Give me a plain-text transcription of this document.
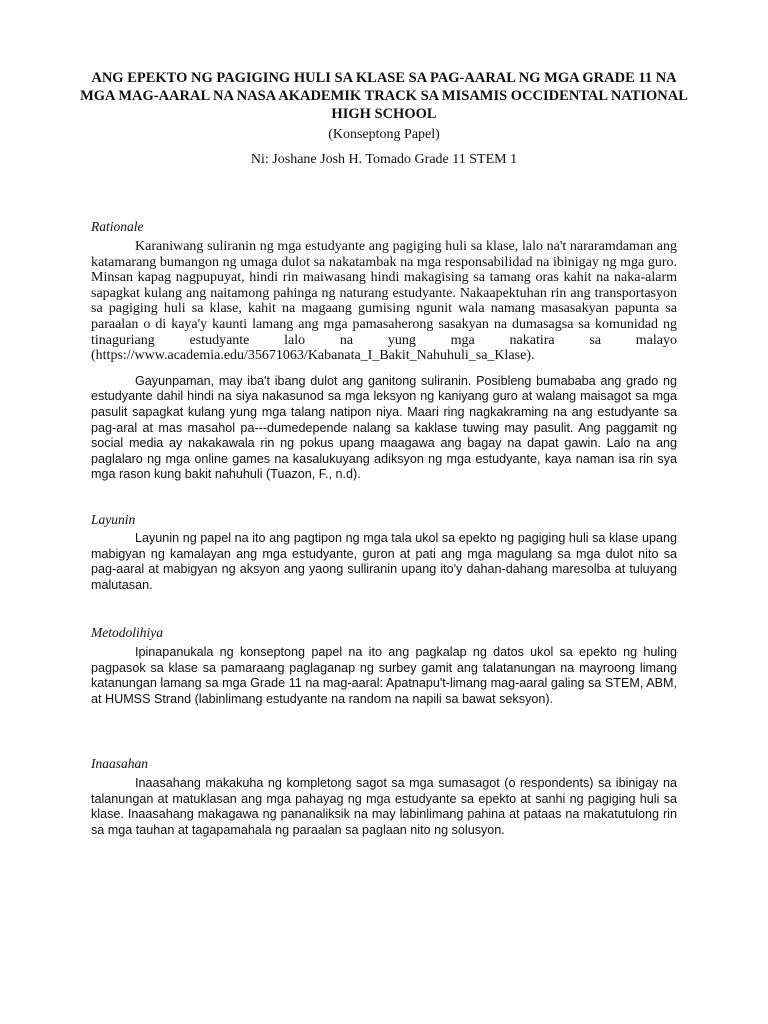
ANG EPEKTO NG PAGIGING HULI SA KLASE SA PAG-AARAL NG MGA GRADE 11 NA MGA MAG-AARAL NA NASA AKADEMIK TRACK SA MISAMIS OCCIDENTAL NATIONAL HIGH SCHOOL
(Konseptong Papel)
Ni: Joshane Josh H. Tomado Grade 11 STEM 1
Rationale

Karaniwang suliranin ng mga estudyante ang pagiging huli sa klase, lalo na't nararamdaman ang katamarang bumangon ng umaga dulot sa nakatambak na mga responsabilidad na ibinigay ng mga guro. Minsan kapag nagpupuyat, hindi rin maiwasang hindi makagising sa tamang oras kahit na naka-alarm sapagkat kulang ang naitamong pahinga ng naturang estudyante. Nakaapektuhan rin ang transportasyon sa pagiging huli sa klase, kahit na magaang gumising ngunit wala namang masasakyan papunta sa paraalan o di kaya'y kaunti lamang ang mga pamasaherong sasakyan na dumasagsa sa komunidad ng tinaguriang estudyante lalo na yung mga nakatira sa malayo (https://www.academia.edu/35671063/Kabanata_I_Bakit_Nahuhuli_sa_Klase).

Gayunpaman, may iba't ibang dulot ang ganitong suliranin. Posibleng bumababa ang grado ng estudyante dahil hindi na siya nakasunod sa mga leksyon ng kaniyang guro at walang maisagot sa mga pasulit sapagkat kulang yung mga talang natipon niya. Maari ring nagkakraming na ang estudyante sa pag-aral at mas masahol pa---dumedepende nalang sa kaklase tuwing may pasulit. Ang paggamit ng social media ay nakakawala rin ng pokus upang maagawa ang bagay na dapat gawin. Lalo na ang paglalaro ng mga online games na kasalukuyang adiksyon ng mga estudyante, kaya naman isa rin sya mga rason kung bakit nahuhuli (Tuazon, F., n.d).

Layunin

Layunin ng papel na ito ang pagtipon ng mga tala ukol sa epekto ng pagiging huli sa klase upang mabigyan ng kamalayan ang mga estudyante, guron at pati ang mga magulang sa mga dulot nito sa pag-aaral at mabigyan ng aksyon ang yaong sulliranin upang ito'y dahan-dahang maresolba at tuluyang malutasan.

Metodolihiya

Ipinapanukala ng konseptong papel na ito ang pagkalap ng datos ukol sa epekto ng huling pagpasok sa klase sa pamaraang paglaganap ng surbey gamit ang talatanungan na mayroong limang katanungan lamang sa mga Grade 11 na mag-aaral: Apatnapu't-limang mag-aaral galing sa STEM, ABM, at HUMSS Strand (labinlimang estudyante na random na napili sa bawat seksyon).

Inaasahan

Inaasahang makakuha ng kompletong sagot sa mga sumasagot (o respondents) sa ibinigay na talanungan at matuklasan ang mga pahayag ng mga estudyante sa epekto at sanhi ng pagiging huli sa klase. Inaasahang makagawa ng pananaliksik na may labinlimang pahina at pataas na makatutulong rin sa mga tauhan at tagapamahala ng paraalan sa paglaan nito ng solusyon.
